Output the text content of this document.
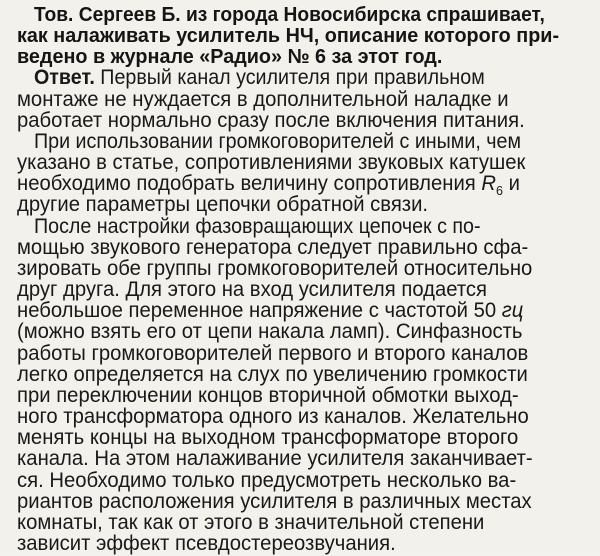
Тов. Сергеев Б. из города Новосибирска спрашивает,
как налаживать усилитель НЧ, описание которого при-
ведено в журнале «Радио» № 6 за этот год.
Ответ. Первый канал усилителя при правильном
монтаже не нуждается в дополнительной наладке и
работает нормально сразу после включения питания.
При использовании громкоговорителей с иными, чем
указано в статье, сопротивлениями звуковых катушек
необходимо подобрать величину сопротивления $R_6$ и
другие параметры цепочки обратной связи.
После настройки фазовращающих цепочек с по-
мощью звукового генератора следует правильно сфа-
зировать обе группы громкоговорителей относительно
друг друга. Для этого на вход усилителя подается
небольшое переменное напряжение с частотой 50 гц
(можно взять его от цепи накала ламп). Синфазность
работы громкоговорителей первого и второго каналов
легко определяется на слух по увеличению громкости
при переключении концов вторичной обмотки выход-
ного трансформатора одного из каналов. Желательно
менять концы на выходном трансформаторе второго
канала. На этом налаживание усилителя заканчивает-
ся. Необходимо только предусмотреть несколько ва-
риантов расположения усилителя в различных местах
комнаты, так как от этого в значительной степени
зависит эффект псевдостереозвучания.
